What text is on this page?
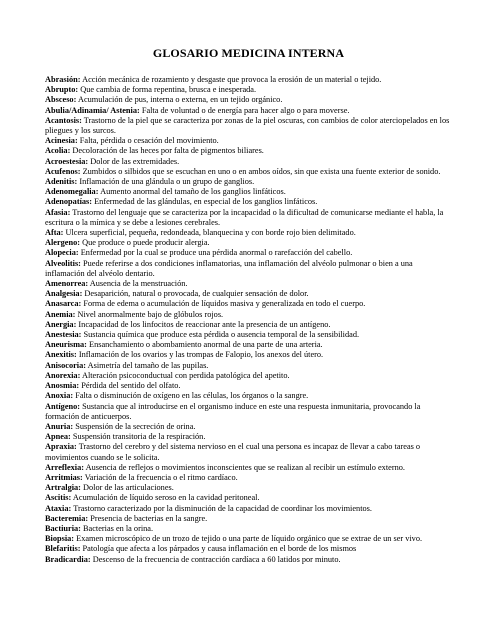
GLOSARIO MEDICINA INTERNA
Abrasión: Acción mecánica de rozamiento y desgaste que provoca la erosión de un material o tejido.
Abrupto: Que cambia de forma repentina, brusca e inesperada.
Absceso: Acumulación de pus, interna o externa, en un tejido orgánico.
Abulia/Adinamia/ Astenia: Falta de voluntad o de energía para hacer algo o para moverse.
Acantosis: Trastorno de la piel que se caracteriza por zonas de la piel oscuras, con cambios de color aterciopelados en los pliegues y los surcos.
Acinesia: Falta, pérdida o cesación del movimiento.
Acolia: Decoloración de las heces por falta de pigmentos biliares.
Acroestesia: Dolor de las extremidades.
Acufenos: Zumbidos o silbidos que se escuchan en uno o en ambos oídos, sin que exista una fuente exterior de sonido.
Adenitis: Inflamación de una glándula o un grupo de ganglios.
Adenomegalia: Aumento anormal del tamaño de los ganglios linfáticos.
Adenopatías: Enfermedad de las glándulas, en especial de los ganglios linfáticos.
Afasia: Trastorno del lenguaje que se caracteriza por la incapacidad o la dificultad de comunicarse mediante el habla, la escritura o la mímica y se debe a lesiones cerebrales.
Afta: Ulcera superficial, pequeña, redondeada, blanquecina y con borde rojo bien delimitado.
Alergeno: Que produce o puede producir alergia.
Alopecia: Enfermedad por la cual se produce una pérdida anormal o rarefacción del cabello.
Alveolitis: Puede referirse a dos condiciones inflamatorias, una inflamación del alvéolo pulmonar o bien a una inflamación del alvéolo dentario.
Amenorrea: Ausencia de la menstruación.
Analgesia: Desaparición, natural o provocada, de cualquier sensación de dolor.
Anasarca: Forma de edema o acumulación de líquidos masiva y generalizada en todo el cuerpo.
Anemia: Nivel anormalmente bajo de glóbulos rojos.
Anergia: Incapacidad de los linfocitos de reaccionar ante la presencia de un antígeno.
Anestesia: Sustancia química que produce esta pérdida o ausencia temporal de la sensibilidad.
Aneurisma: Ensanchamiento o abombamiento anormal de una parte de una arteria.
Anexitis: Inflamación de los ovarios y las trompas de Falopio, los anexos del útero.
Anisocoria: Asimetría del tamaño de las pupilas.
Anorexia: Alteración psicoconductual con perdida patológica del apetito.
Anosmia: Pérdida del sentido del olfato.
Anoxia: Falta o disminución de oxígeno en las células, los órganos o la sangre.
Antígeno: Sustancia que al introducirse en el organismo induce en este una respuesta inmunitaria, provocando la formación de anticuerpos.
Anuria: Suspensión de la secreción de orina.
Apnea: Suspensión transitoria de la respiración.
Apraxia: Trastorno del cerebro y del sistema nervioso en el cual una persona es incapaz de llevar a cabo tareas o movimientos cuando se le solicita.
Arreflexia: Ausencia de reflejos o movimientos inconscientes que se realizan al recibir un estímulo externo.
Arritmias: Variación de la frecuencia o el ritmo cardíaco.
Artralgia: Dolor de las articulaciones.
Ascitis: Acumulación de líquido seroso en la cavidad peritoneal.
Ataxia: Trastorno caracterizado por la disminución de la capacidad de coordinar los movimientos.
Bacteremia: Presencia de bacterias en la sangre.
Bactiuria: Bacterias en la orina.
Biopsia: Examen microscópico de un trozo de tejido o una parte de líquido orgánico que se extrae de un ser vivo.
Blefaritis: Patología que afecta a los párpados y causa inflamación en el borde de los mismos
Bradicardia: Descenso de la frecuencia de contracción cardíaca a 60 latidos por minuto.
